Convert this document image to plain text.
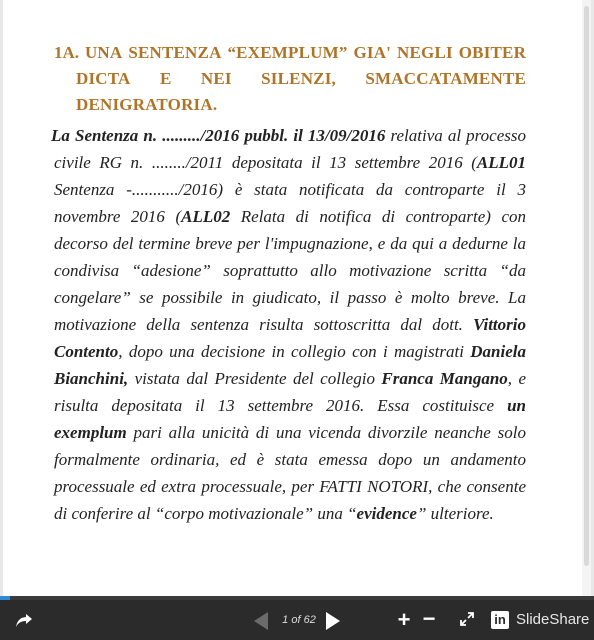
1A. UNA SENTENZA “EXEMPLUM” GIA' NEGLI OBITER DICTA E NEI SILENZI, SMACCATAMENTE DENIGRATORIA.

La Sentenza n. ........./2016 pubbl. il 13/09/2016 relativa al processo civile RG n. ......../2011 depositata il 13 settembre 2016 (ALL01 Sentenza -.........../2016) è stata notificata da controparte il 3 novembre 2016 (ALL02 Relata di notifica di controparte) con decorso del termine breve per l'impugnazione, e da qui a dedurne la condivisa “adesione” soprattutto allo motivazione scritta “da congelare” se possibile in giudicato, il passo è molto breve. La motivazione della sentenza risulta sottoscritta dal dott. Vittorio Contento, dopo una decisione in collegio con i magistrati Daniela Bianchini, vistata dal Presidente del collegio Franca Mangano, e risulta depositata il 13 settembre 2016. Essa costituisce un exemplum pari alla unicità di una vicenda divorzile neanche solo formalmente ordinaria, ed è stata emessa dopo un andamento processuale ed extra processuale, per FATTI NOTORI, che consente di conferire al “corpo motivazionale” una “evidence” ulteriore.

1 of 62	+ −	in SlideShare
